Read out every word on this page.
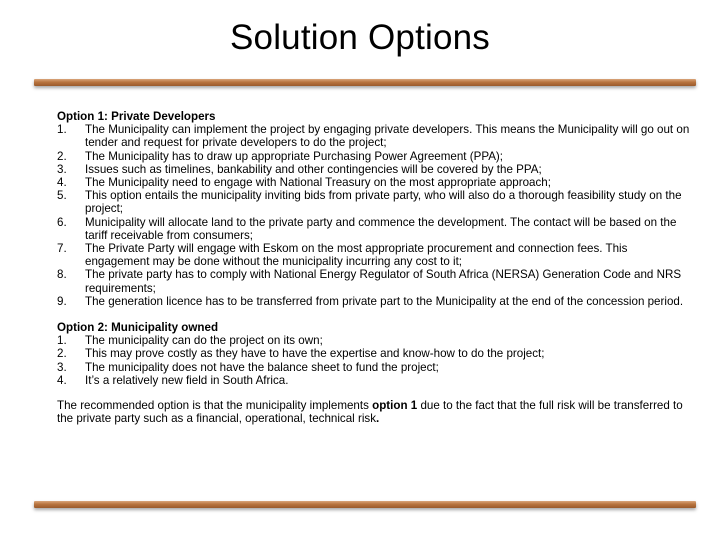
Solution Options
Option 1: Private Developers
1. The Municipality can implement the project by engaging private developers. This means the Municipality will go out on tender and request for private developers to do the project;
2. The Municipality has to draw up appropriate Purchasing Power Agreement (PPA);
3. Issues such as timelines, bankability and other contingencies will be covered by the PPA;
4. The Municipality need to engage with National Treasury on the most appropriate approach;
5. This option entails the municipality inviting bids from private party, who will also do a thorough feasibility study on the project;
6. Municipality will allocate land to the private party and commence the development. The contact will be based on the tariff receivable from consumers;
7. The Private Party will engage with Eskom on the most appropriate procurement and connection fees. This engagement may be done without the municipality incurring any cost to it;
8. The private party has to comply with National Energy Regulator of South Africa (NERSA) Generation Code and NRS requirements;
9. The generation licence has to be transferred from private part to the Municipality at the end of the concession period.
Option 2: Municipality owned
1. The municipality can do the project on its own;
2. This may prove costly as they have to have the expertise and know-how to do the project;
3. The municipality does not have the balance sheet to fund the project;
4. It’s a relatively new field in South Africa.
The recommended option is that the municipality implements option 1 due to the fact that the full risk will be transferred to the private party such as a financial, operational, technical risk.
